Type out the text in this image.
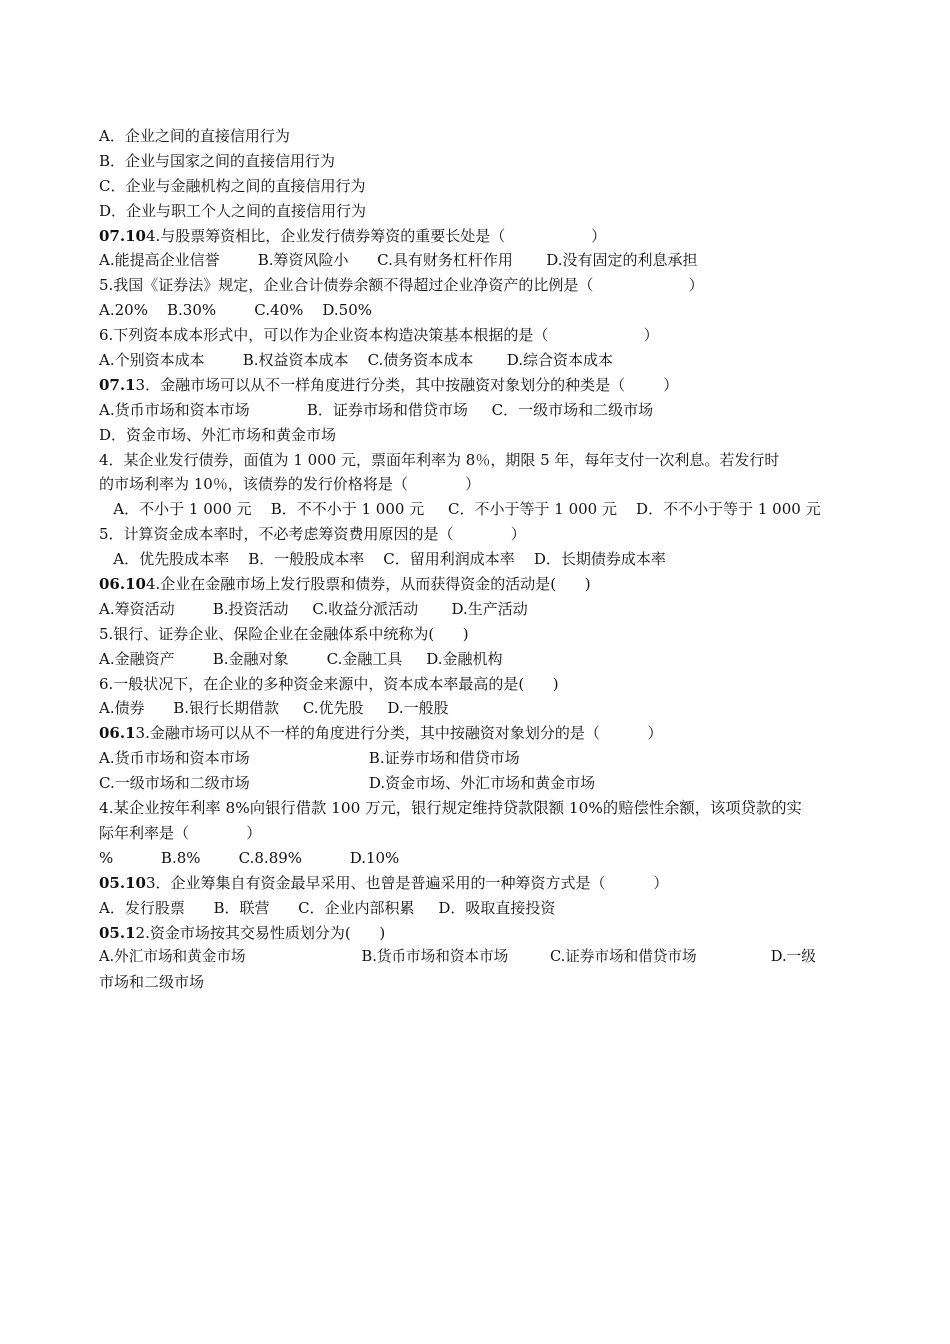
A．企业之间的直接信用行为
B．企业与国家之间的直接信用行为
C．企业与金融机构之间的直接信用行为
D．企业与职工个人之间的直接信用行为
07.104.与股票筹资相比，企业发行债券筹资的重要长处是（                  ）
A.能提高企业信誉        B.筹资风险小      C.具有财务杠杆作用       D.没有固定的利息承担
5.我国《证券法》规定，企业合计债券余额不得超过企业净资产的比例是（                    ）
A.20%    B.30%        C.40%    D.50%
6.下列资本成本形式中，可以作为企业资本构造决策基本根据的是（                    ）
A.个别资本成本        B.权益资本成本    C.债务资本成本       D.综合资本成本
07.13．金融市场可以从不一样角度进行分类，其中按融资对象划分的种类是（        ）
A.货币市场和资本市场            B．证券市场和借贷市场     C．一级市场和二级市场
D．资金市场、外汇市场和黄金市场
4．某企业发行债券，面值为 1 000 元，票面年利率为 8％，期限 5 年，每年支付一次利息。若发行时
的市场利率为 10％，该债券的发行价格将是（            ）
A．不小于 1 000 元    B．不不小于 1 000 元     C．不小于等于 1 000 元    D．不不小于等于 1 000 元
5．计算资金成本率时，不必考虑筹资费用原因的是（            ）
A．优先股成本率    B．一般股成本率    C．留用利润成本率    D．长期债券成本率
06.104.企业在金融市场上发行股票和债券，从而获得资金的活动是(      )
A.筹资活动        B.投资活动     C.收益分派活动       D.生产活动
5.银行、证券企业、保险企业在金融体系中统称为(      )
A.金融资产        B.金融对象        C.金融工具     D.金融机构
6.一般状况下，在企业的多种资金来源中，资本成本率最高的是(      )
A.债券      B.银行长期借款     C.优先股     D.一般股
06.13.金融市场可以从不一样的角度进行分类，其中按融资对象划分的是（          ）
A.货币市场和资本市场                         B.证券市场和借贷市场
C.一级市场和二级市场                         D.资金市场、外汇市场和黄金市场
4.某企业按年利率 8%向银行借款 100 万元，银行规定维持贷款限额 10%的赔偿性余额，该项贷款的实
际年利率是（            ）
%          B.8%        C.8.89%          D.10%
05.103．企业筹集自有资金最早采用、也曾是普遍采用的一种筹资方式是（          ）
A．发行股票      B．联营      C．企业内部积累     D．吸取直接投资
05.12.资金市场按其交易性质划分为(      )
A.外汇市场和黄金市场                         B.货币市场和资本市场         C.证券市场和借贷市场                D.一级
市场和二级市场
